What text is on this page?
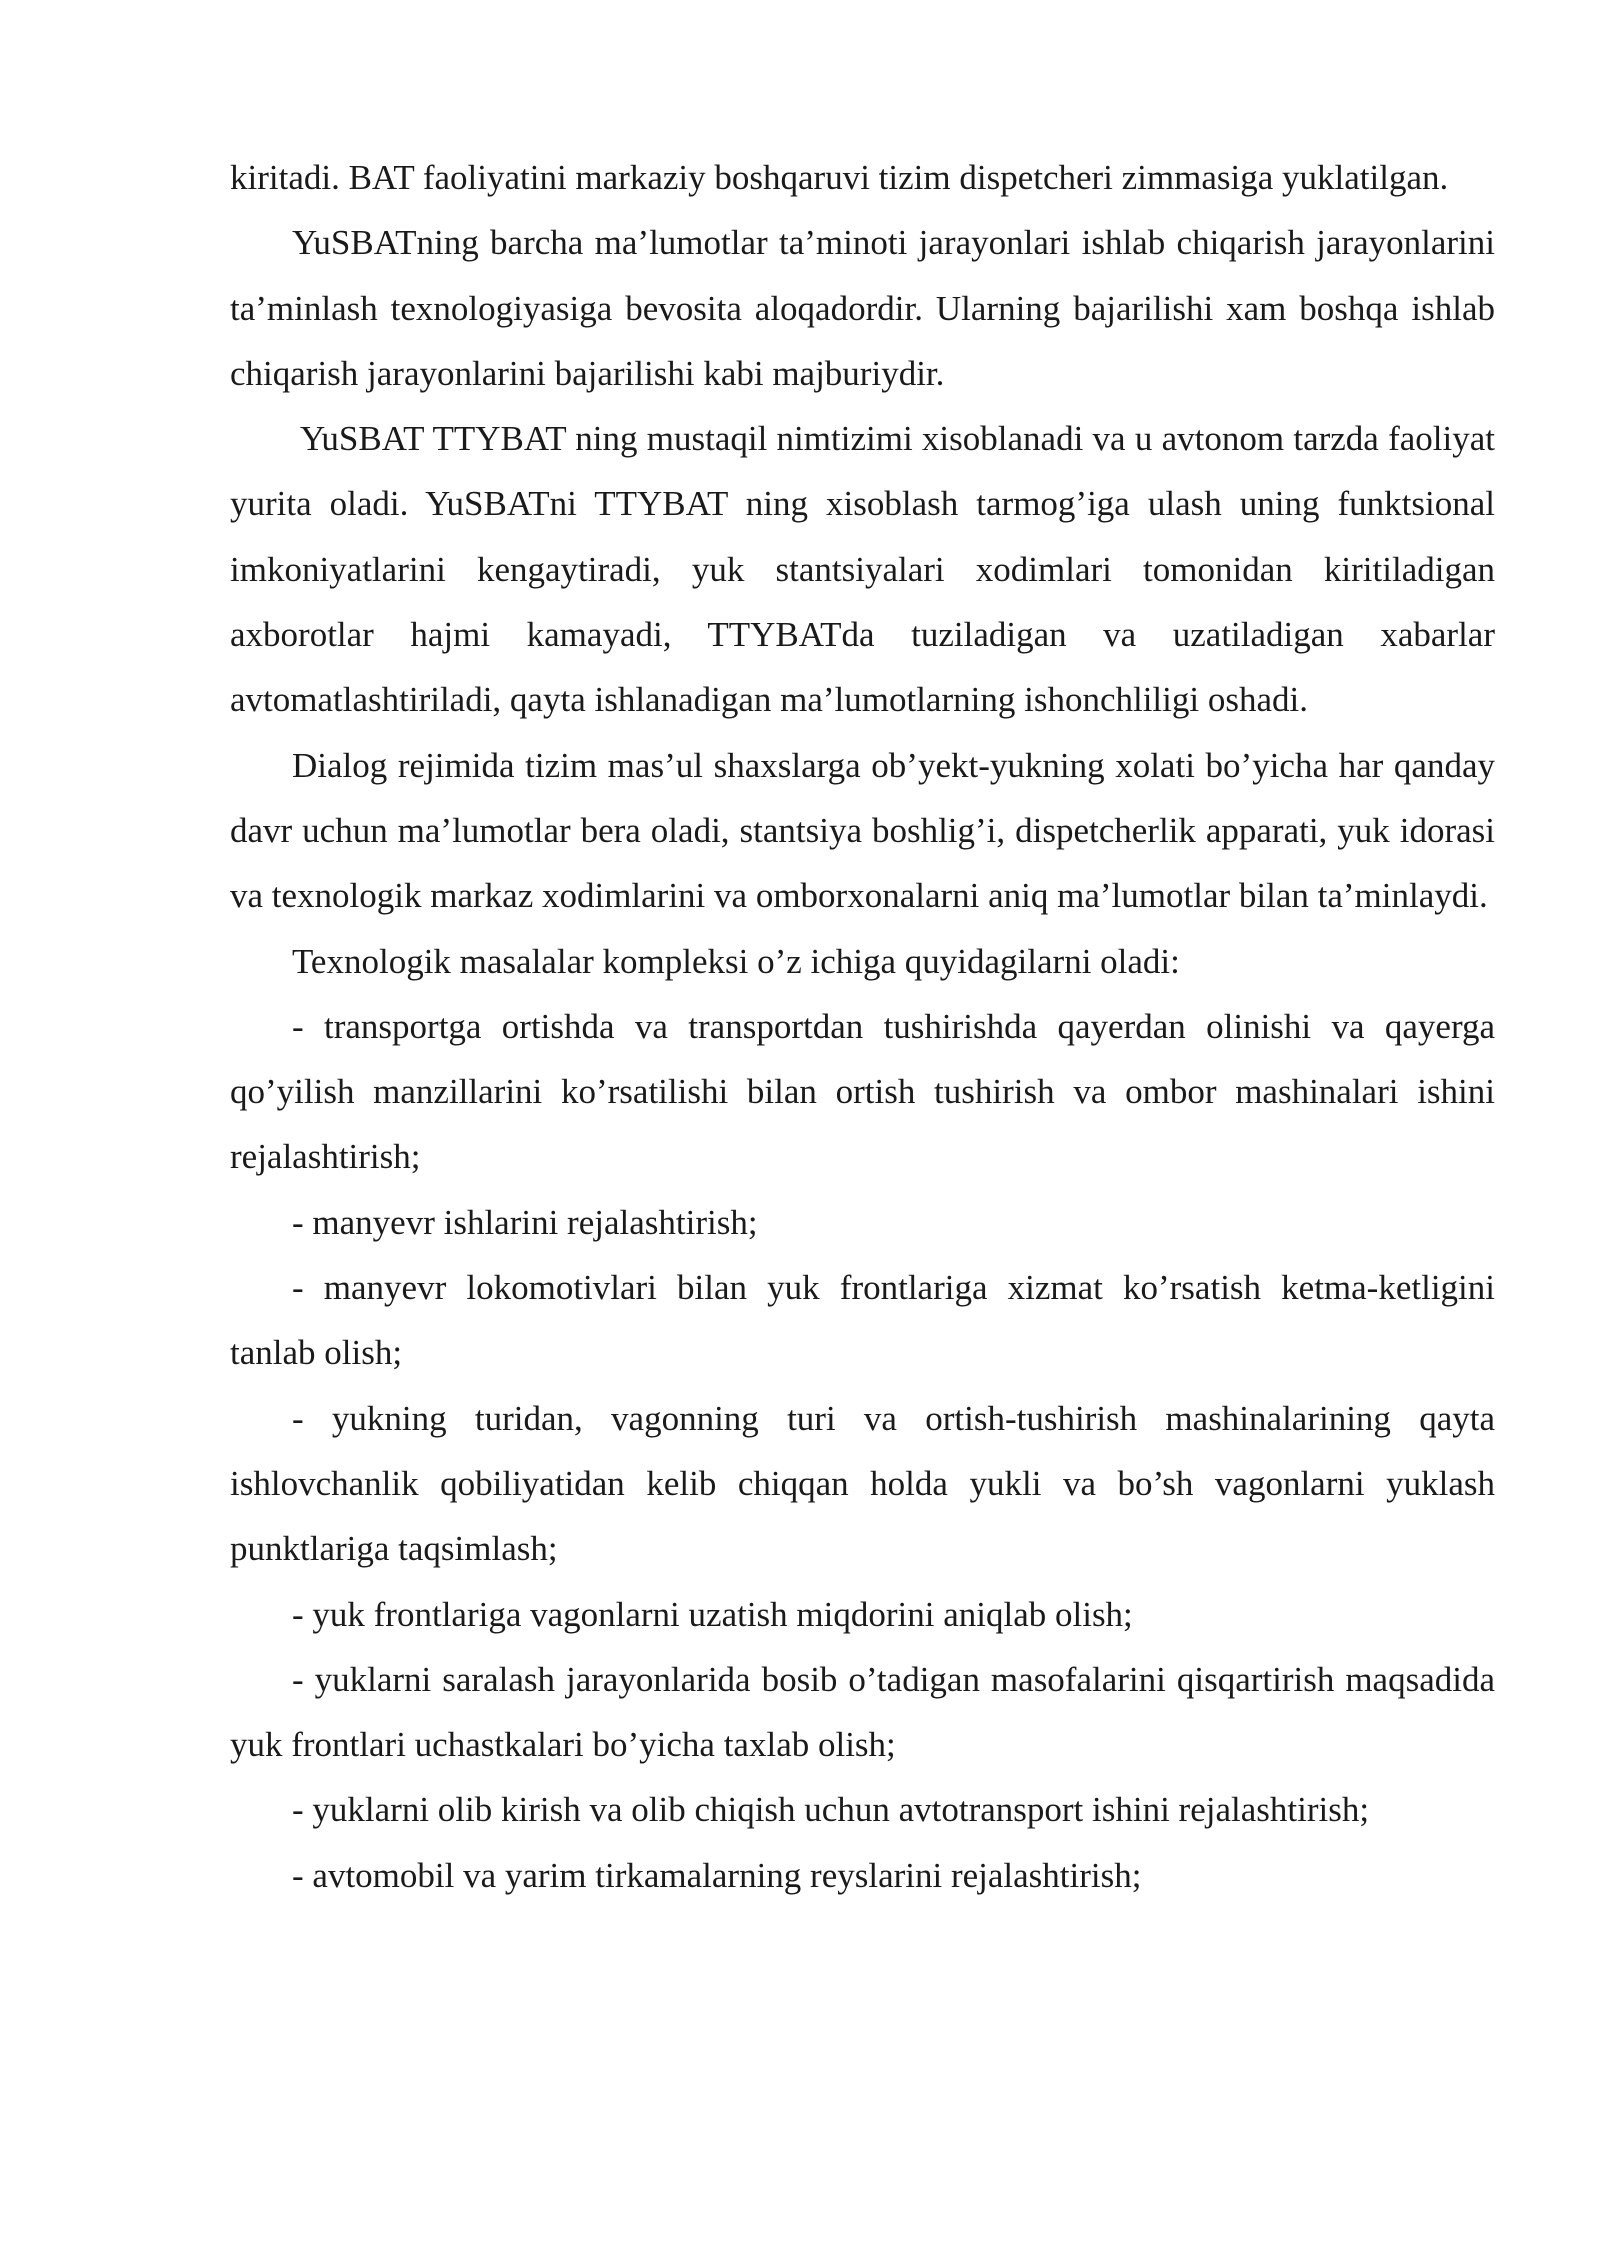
kiritadi. BAT faoliyatini markaziy boshqaruvi tizim dispetcheri zimmasiga yuklatilgan.

YuSBATning barcha ma’lumotlar ta’minoti jarayonlari ishlab chiqarish jarayonlarini ta’minlash texnologiyasiga bevosita aloqadordir. Ularning bajarilishi xam boshqa ishlab chiqarish jarayonlarini bajarilishi kabi majburiydir.

YuSBAT TTYBAT ning mustaqil nimtizimi xisoblanadi va u avtonom tarzda faoliyat yurita oladi. YuSBATni TTYBAT ning xisoblash tarmog’iga ulash uning funktsional imkoniyatlarini kengaytiradi, yuk stantsiyalari xodimlari tomonidan kiritiladigan axborotlar hajmi kamayadi, TTYBATda tuziladigan va uzatiladigan xabarlar avtomatlashtiriladi, qayta ishlanadigan ma’lumotlarning ishonchliligi oshadi.

Dialog rejimida tizim mas’ul shaxslarga ob’yekt-yukning xolati bo’yicha har qanday davr uchun ma’lumotlar bera oladi, stantsiya boshlig’i, dispetcherlik apparati, yuk idorasi va texnologik markaz xodimlarini va omborxonalarni aniq ma’lumotlar bilan ta’minlaydi.

Texnologik masalalar kompleksi o’z ichiga quyidagilarni oladi:

- transportga ortishda va transportdan tushirishda qayerdan olinishi va qayerga qo’yilish manzillarini ko’rsatilishi bilan ortish tushirish va ombor mashinalari ishini rejalashtirish;

- manyevr ishlarini rejalashtirish;

- manyevr lokomotivlari bilan yuk frontlariga xizmat ko’rsatish ketma-ketligini tanlab olish;

- yukning turidan, vagonning turi va ortish-tushirish mashinalarining qayta ishlovchanlik qobiliyatidan kelib chiqqan holda yukli va bo’sh vagonlarni yuklash punktlariga taqsimlash;

- yuk frontlariga vagonlarni uzatish miqdorini aniqlab olish;

- yuklarni saralash jarayonlarida bosib o’tadigan masofalarini qisqartirish maqsadida yuk frontlari uchastkalari bo’yicha taxlab olish;

- yuklarni olib kirish va olib chiqish uchun avtotransport ishini rejalashtirish;

- avtomobil va yarim tirkamalarning reyslarini rejalashtirish;
